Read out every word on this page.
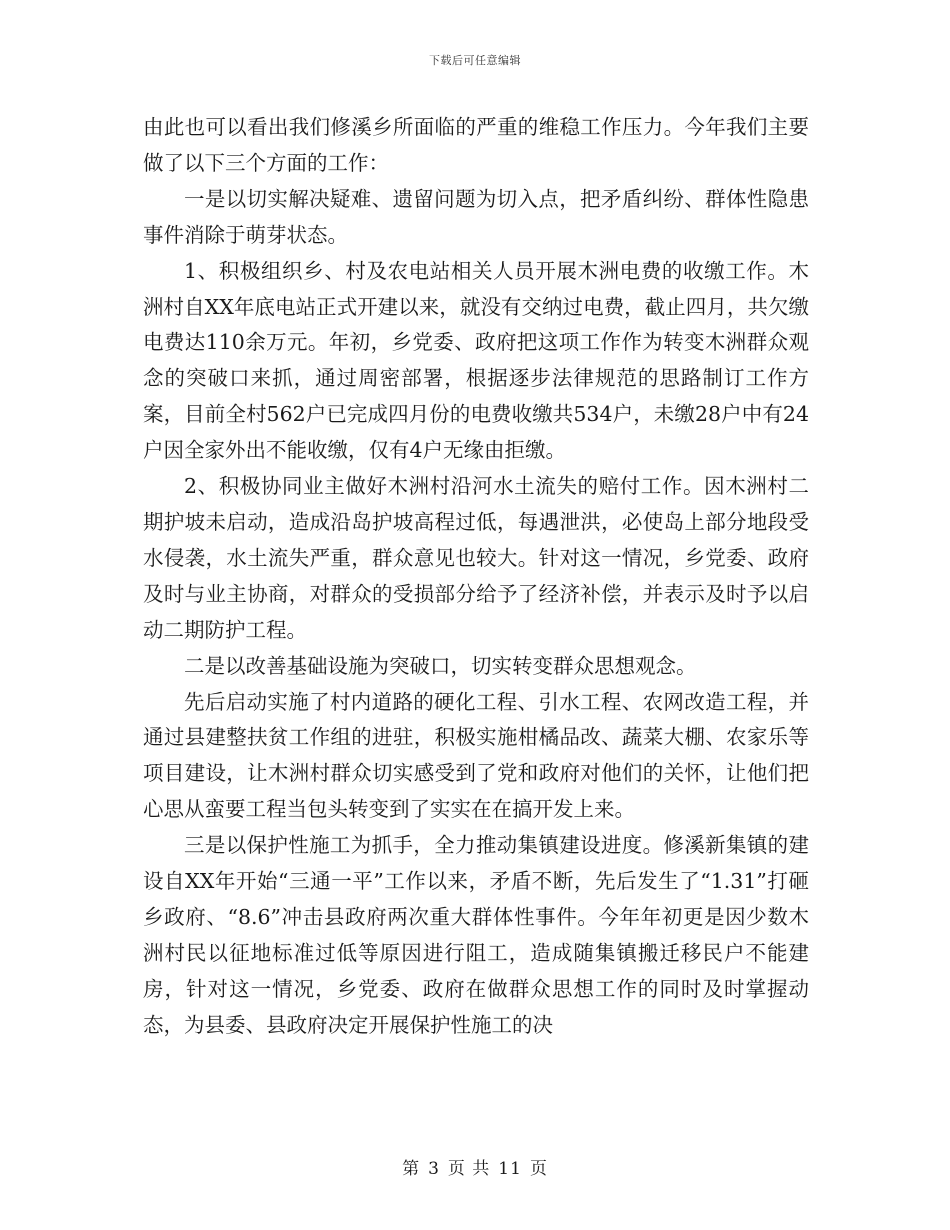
下载后可任意编辑

由此也可以看出我们修溪乡所面临的严重的维稳工作压力。今年我们主要做了以下三个方面的工作：

一是以切实解决疑难、遗留问题为切入点，把矛盾纠纷、群体性隐患事件消除于萌芽状态。

1、积极组织乡、村及农电站相关人员开展木洲电费的收缴工作。木洲村自XX年底电站正式开建以来，就没有交纳过电费，截止四月，共欠缴电费达110余万元。年初，乡党委、政府把这项工作作为转变木洲群众观念的突破口来抓，通过周密部署，根据逐步法律规范的思路制订工作方案，目前全村562户已完成四月份的电费收缴共534户，未缴28户中有24户因全家外出不能收缴，仅有4户无缘由拒缴。

2、积极协同业主做好木洲村沿河水土流失的赔付工作。因木洲村二期护坡未启动，造成沿岛护坡高程过低，每遇泄洪，必使岛上部分地段受水侵袭，水土流失严重，群众意见也较大。针对这一情况，乡党委、政府及时与业主协商，对群众的受损部分给予了经济补偿，并表示及时予以启动二期防护工程。

二是以改善基础设施为突破口，切实转变群众思想观念。

先后启动实施了村内道路的硬化工程、引水工程、农网改造工程，并通过县建整扶贫工作组的进驻，积极实施柑橘品改、蔬菜大棚、农家乐等项目建设，让木洲村群众切实感受到了党和政府对他们的关怀，让他们把心思从蛮要工程当包头转变到了实实在在搞开发上来。

三是以保护性施工为抓手，全力推动集镇建设进度。修溪新集镇的建设自XX年开始“三通一平”工作以来，矛盾不断，先后发生了“1.31”打砸乡政府、“8.6”冲击县政府两次重大群体性事件。今年年初更是因少数木洲村民以征地标准过低等原因进行阻工，造成随集镇搬迁移民户不能建房，针对这一情况，乡党委、政府在做群众思想工作的同时及时掌握动态，为县委、县政府决定开展保护性施工的决

第 3 页 共 11 页
